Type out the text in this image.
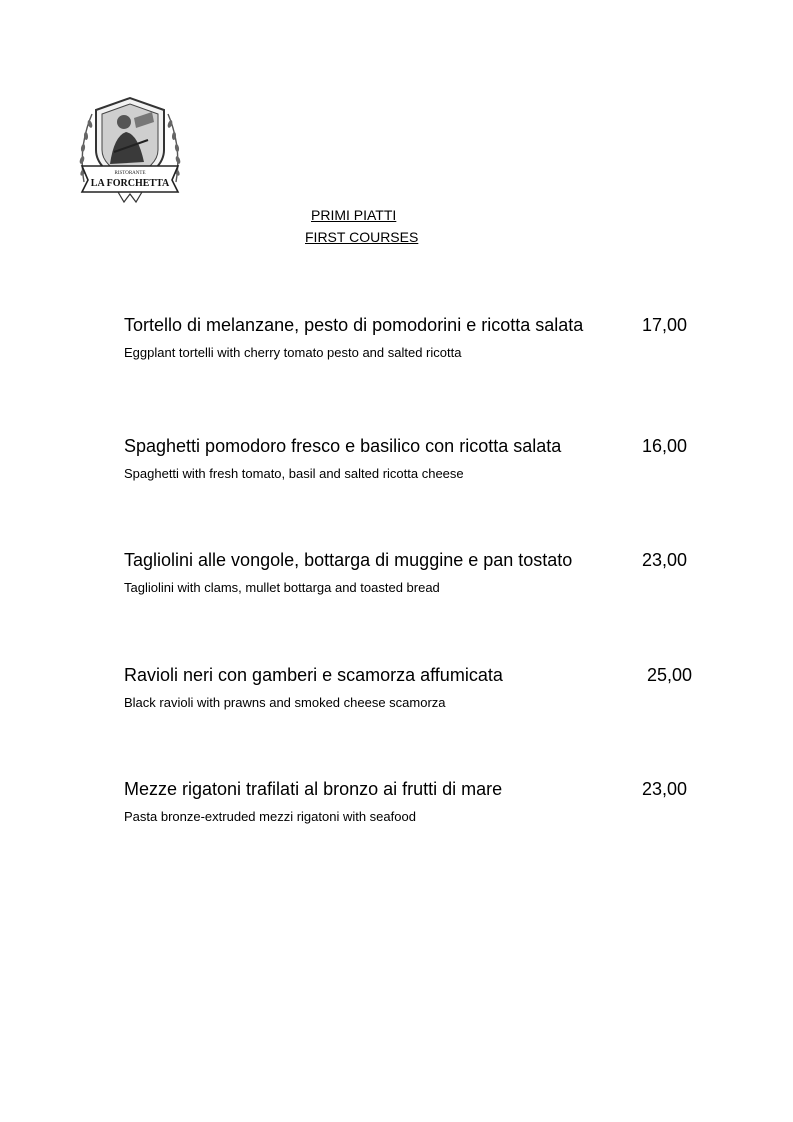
RISTORANTE
LA FORCHETTA
PRIMI PIATTI
FIRST COURSES
Tortello di melanzane, pesto di pomodorini e ricotta salata	17,00
Eggplant tortelli with cherry tomato pesto and salted ricotta
Spaghetti pomodoro fresco e basilico con ricotta salata	16,00
Spaghetti with fresh tomato, basil and salted ricotta cheese
Tagliolini alle vongole, bottarga di muggine e pan tostato	23,00
Tagliolini with clams, mullet bottarga and toasted bread
Ravioli neri con gamberi e scamorza affumicata	25,00
Black ravioli with prawns and smoked cheese scamorza
Mezze rigatoni trafilati al bronzo ai frutti di mare	23,00
Pasta bronze-extruded mezzi rigatoni with seafood
